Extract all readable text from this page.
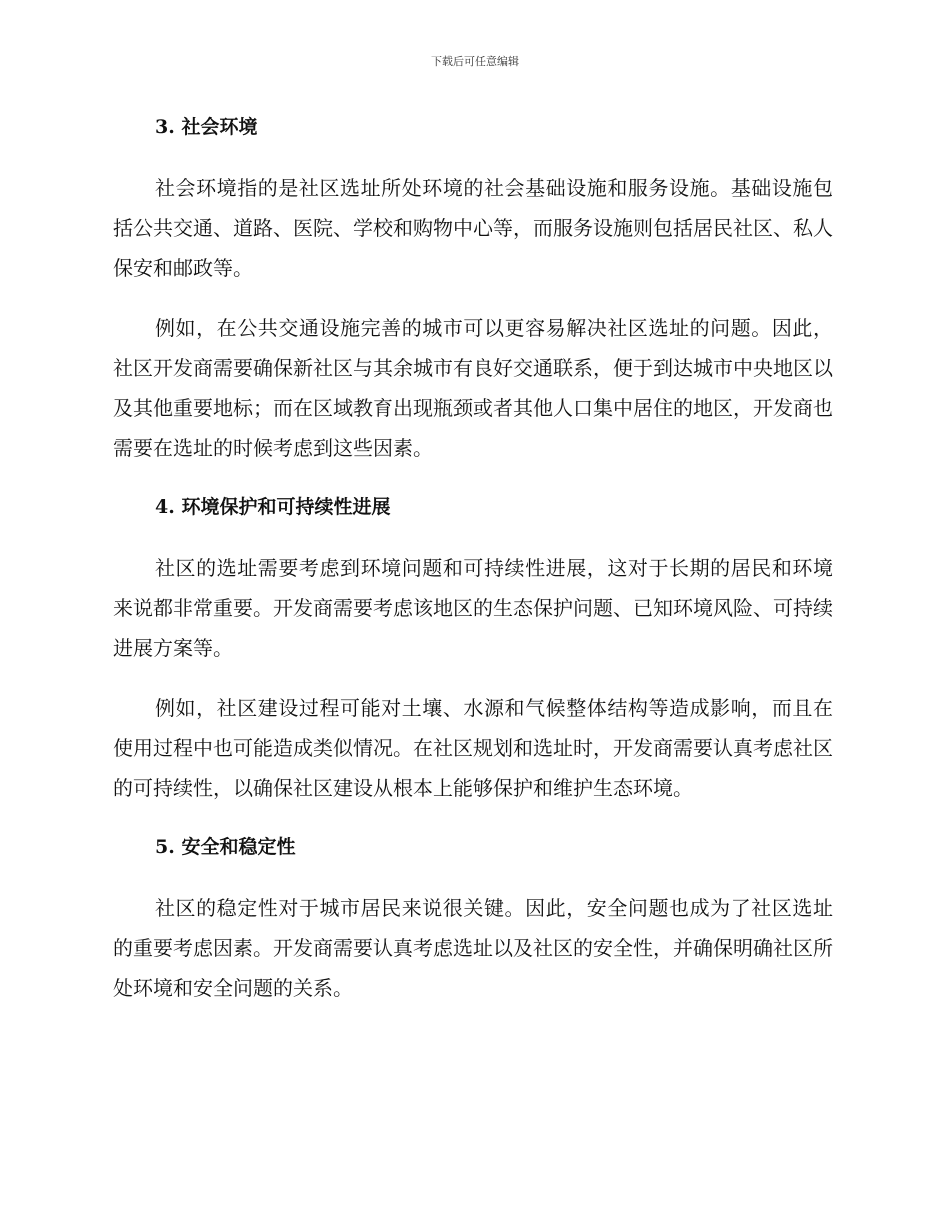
下载后可任意编辑
3. 社会环境

社会环境指的是社区选址所处环境的社会基础设施和服务设施。基础设施包括公共交通、道路、医院、学校和购物中心等，而服务设施则包括居民社区、私人保安和邮政等。

例如，在公共交通设施完善的城市可以更容易解决社区选址的问题。因此，社区开发商需要确保新社区与其余城市有良好交通联系，便于到达城市中央地区以及其他重要地标；而在区域教育出现瓶颈或者其他人口集中居住的地区，开发商也需要在选址的时候考虑到这些因素。

4. 环境保护和可持续性进展

社区的选址需要考虑到环境问题和可持续性进展，这对于长期的居民和环境来说都非常重要。开发商需要考虑该地区的生态保护问题、已知环境风险、可持续进展方案等。

例如，社区建设过程可能对土壤、水源和气候整体结构等造成影响，而且在使用过程中也可能造成类似情况。在社区规划和选址时，开发商需要认真考虑社区的可持续性，以确保社区建设从根本上能够保护和维护生态环境。

5. 安全和稳定性

社区的稳定性对于城市居民来说很关键。因此，安全问题也成为了社区选址的重要考虑因素。开发商需要认真考虑选址以及社区的安全性，并确保明确社区所处环境和安全问题的关系。
